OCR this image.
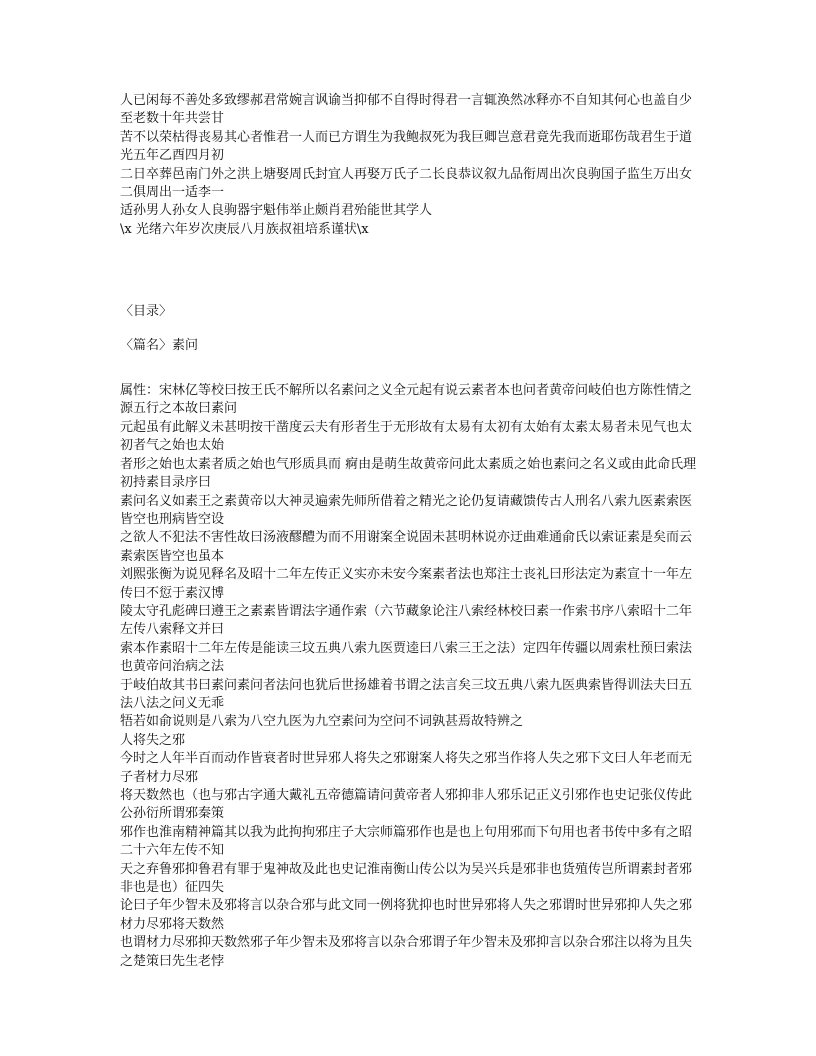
人已闲每不善处多致缪郝君常婉言讽谕当抑郁不自得时得君一言辄涣然冰释亦不自知其何心也盖自少至老数十年共尝甘

苦不以荣枯得丧易其心者惟君一人而已方谓生为我鲍叔死为我巨卿岂意君竟先我而逝耶伤哉君生于道光五年乙酉四月初

二日卒葬邑南门外之洪上塘娶周氏封宜人再娶万氏子二长良恭议叙九品衔周出次良驹国子监生万出女二俱周出一适李一

适孙男人孙女人良驹器宇魁伟举止颇肖君殆能世其学人

\x 光绪六年岁次庚辰八月族叔祖培系谨状\x

〈目录〉

〈篇名〉素问

属性：宋林亿等校曰按王氏不解所以名素问之义全元起有说云素者本也问者黄帝问岐伯也方陈性情之源五行之本故曰素问

元起虽有此解义未甚明按干凿度云夫有形者生于无形故有太易有太初有太始有太素太易者未见气也太初者气之始也太始

者形之始也太素者质之始也气形质具而 痾由是萌生故黄帝问此太素质之始也素问之名义或由此命氏理初持素目录序曰

素问名义如素王之素黄帝以大神灵遍索先师所借着之精光之论仍复请藏馈传古人刑名八索九医素索医皆空也刑病皆空设

之欲人不犯法不害性故曰汤液醪醴为而不用谢案全说固未甚明林说亦迂曲难通俞氏以索证素是矣而云素索医皆空也虽本

刘熙张衡为说见释名及昭十二年左传正义实亦未安今案素者法也郑注士丧礼曰形法定为素宣十一年左传曰不愆于素汉博

陵太守孔彪碑曰遵王之素素皆谓法字通作索（六节藏象论注八索经林校曰素一作索书序八索昭十二年左传八索释文并曰

索本作素昭十二年左传是能读三坟五典八索九医贾逵曰八索三王之法）定四年传疆以周索杜预曰索法也黄帝问治病之法

于岐伯故其书曰素问素问者法问也犹后世扬雄着书谓之法言矣三坟五典八索九医典索皆得训法夫曰五法八法之问义无乖

牾若如俞说则是八索为八空九医为九空素问为空问不词孰甚焉故特辨之

人将失之邪

今时之人年半百而动作皆衰者时世异邪人将失之邪谢案人将失之邪当作将人失之邪下文曰人年老而无子者材力尽邪

将天数然也（也与邪古字通大戴礼五帝德篇请问黄帝者人邪抑非人邪乐记正义引邪作也史记张仪传此公孙衍所谓邪秦策

邪作也淮南精神篇其以我为此拘拘邪庄子大宗师篇邪作也是也上句用邪而下句用也者书传中多有之昭二十六年左传不知

天之弃鲁邪抑鲁君有罪于鬼神故及此也史记淮南衡山传公以为吴兴兵是邪非也货殖传岂所谓素封者邪非也是也）征四失

论曰子年少智未及邪将言以杂合邪与此文同一例将犹抑也时世异邪将人失之邪谓时世异邪抑人失之邪材力尽邪将天数然

也谓材力尽邪抑天数然邪子年少智未及邪将言以杂合邪谓子年少智未及邪抑言以杂合邪注以将为且失之楚策曰先生老悖
